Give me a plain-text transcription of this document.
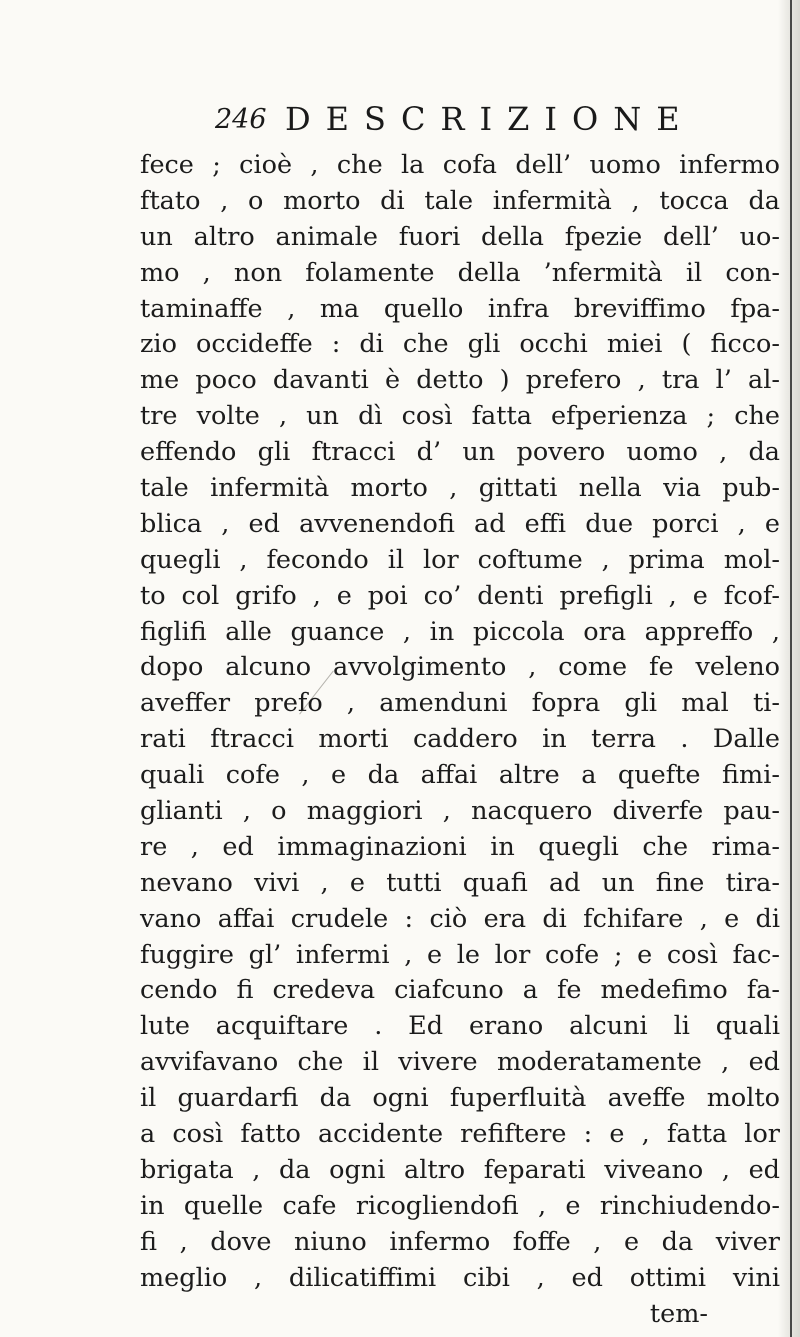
246 DESCRIZIONE
fece ; cioè , che la cofa dell’ uomo infermo
ftato , o morto di tale infermità , tocca da
un altro animale fuori della fpezie dell’ uo-
mo , non folamente della ’nfermità il con-
taminaffe , ma quello infra breviffimo fpa-
zio occideffe : di che gli occhi miei ( ficco-
me poco davanti è detto ) prefero , tra l’ al-
tre volte , un dì così fatta efperienza ; che
effendo gli ftracci d’ un povero uomo , da
tale infermità morto , gittati nella via pub-
blica , ed avvenendofi ad effi due porci , e
quegli , fecondo il lor coftume , prima mol-
to col grifo , e poi co’ denti prefigli , e fcof-
figlifi alle guance , in piccola ora appreffo ,
dopo alcuno avvolgimento , come fe veleno
aveffer prefo , amenduni fopra gli mal ti-
rati ftracci morti caddero in terra . Dalle
quali cofe , e da affai altre a quefte fimi-
glianti , o maggiori , nacquero diverfe pau-
re , ed immaginazioni in quegli che rima-
nevano vivi , e tutti quafi ad un fine tira-
vano affai crudele : ciò era di fchifare , e di
fuggire gl’ infermi , e le lor cofe ; e così fac-
cendo fi credeva ciafcuno a fe medefimo fa-
lute acquiftare . Ed erano alcuni li quali
avvifavano che il vivere moderatamente , ed
il guardarfi da ogni fuperfluità aveffe molto
a così fatto accidente refiftere : e , fatta lor
brigata , da ogni altro feparati viveano , ed
in quelle cafe ricogliendofi , e rinchiudendo-
fi , dove niuno infermo foffe , e da viver
meglio , dilicatiffimi cibi , ed ottimi vini
tem-
